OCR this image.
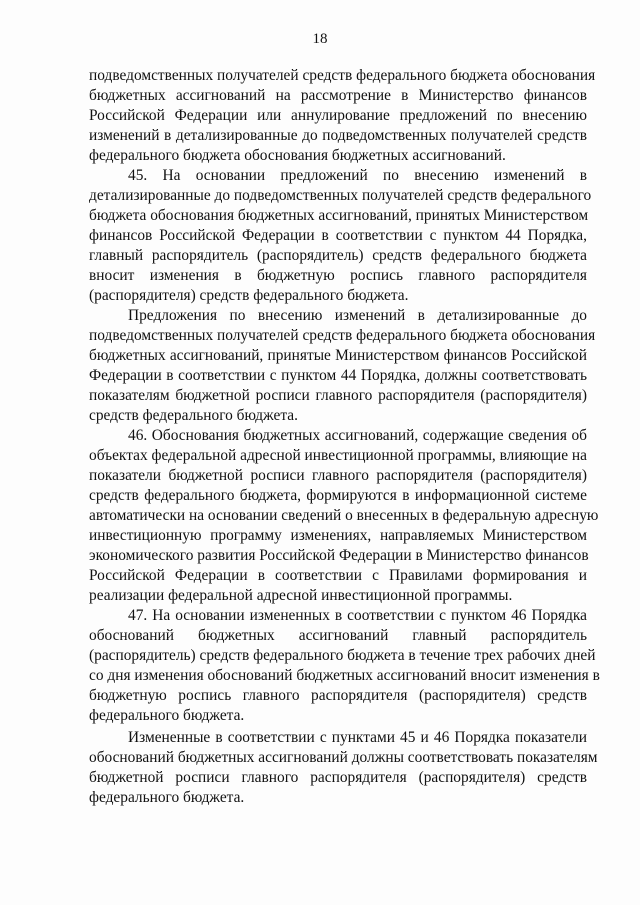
18
подведомственных получателей средств федерального бюджета обоснования
бюджетных ассигнований на рассмотрение в Министерство финансов
Российской Федерации или аннулирование предложений по внесению
изменений в детализированные до подведомственных получателей средств
федерального бюджета обоснования бюджетных ассигнований.
45. На основании предложений по внесению изменений в
детализированные до подведомственных получателей средств федерального
бюджета обоснования бюджетных ассигнований, принятых Министерством
финансов Российской Федерации в соответствии с пунктом 44 Порядка,
главный распорядитель (распорядитель) средств федерального бюджета
вносит изменения в бюджетную роспись главного распорядителя
(распорядителя) средств федерального бюджета.
Предложения по внесению изменений в детализированные до
подведомственных получателей средств федерального бюджета обоснования
бюджетных ассигнований, принятые Министерством финансов Российской
Федерации в соответствии с пунктом 44 Порядка, должны соответствовать
показателям бюджетной росписи главного распорядителя (распорядителя)
средств федерального бюджета.
46. Обоснования бюджетных ассигнований, содержащие сведения об
объектах федеральной адресной инвестиционной программы, влияющие на
показатели бюджетной росписи главного распорядителя (распорядителя)
средств федерального бюджета, формируются в информационной системе
автоматически на основании сведений о внесенных в федеральную адресную
инвестиционную программу изменениях, направляемых Министерством
экономического развития Российской Федерации в Министерство финансов
Российской Федерации в соответствии с Правилами формирования и
реализации федеральной адресной инвестиционной программы.
47. На основании измененных в соответствии с пунктом 46 Порядка
обоснований бюджетных ассигнований главный распорядитель
(распорядитель) средств федерального бюджета в течение трех рабочих дней
со дня изменения обоснований бюджетных ассигнований вносит изменения в
бюджетную роспись главного распорядителя (распорядителя) средств
федерального бюджета.
Измененные в соответствии с пунктами 45 и 46 Порядка показатели
обоснований бюджетных ассигнований должны соответствовать показателям
бюджетной росписи главного распорядителя (распорядителя) средств
федерального бюджета.
